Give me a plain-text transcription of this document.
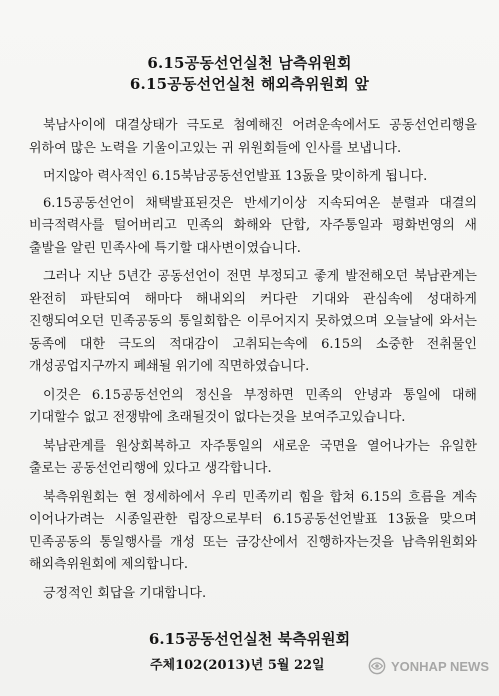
6.15공동선언실천 남측위원회
6.15공동선언실천 해외측위원회 앞

북남사이에 대결상태가 극도로 첨예해진 어려운속에서도 공동선언리행을 위하여 많은 노력을 기울이고있는 귀 위원회들에 인사를 보냅니다.

머지않아 력사적인 6.15북남공동선언발표 13돐을 맞이하게 됩니다.

6.15공동선언이 채택발표된것은 반세기이상 지속되여온 분렬과 대결의 비극적력사를 털어버리고 민족의 화해와 단합, 자주통일과 평화번영의 새 출발을 알린 민족사에 특기할 대사변이였습니다.

그러나 지난 5년간 공동선언이 전면 부정되고 좋게 발전해오던 북남관계는 완전히 파탄되여 해마다 해내외의 커다란 기대와 관심속에 성대하게 진행되여오던 민족공동의 통일회합은 이루어지지 못하였으며 오늘날에 와서는 동족에 대한 극도의 적대감이 고취되는속에 6.15의 소중한 전취물인 개성공업지구까지 폐쇄될 위기에 직면하였습니다.

이것은 6.15공동선언의 정신을 부정하면 민족의 안녕과 통일에 대해 기대할수 없고 전쟁밖에 초래될것이 없다는것을 보여주고있습니다.

북남관계를 원상회복하고 자주통일의 새로운 국면을 열어나가는 유일한 출로는 공동선언리행에 있다고 생각합니다.

북측위원회는 현 정세하에서 우리 민족끼리 힘을 합쳐 6.15의 흐름을 계속 이어나가려는 시종일관한 립장으로부터 6.15공동선언발표 13돐을 맞으며 민족공동의 통일행사를 개성 또는 금강산에서 진행하자는것을 남측위원회와 해외측위원회에 제의합니다.

긍정적인 회답을 기대합니다.

6.15공동선언실천 북측위원회
주체102(2013)년 5월 22일	YONHAP NEWS
